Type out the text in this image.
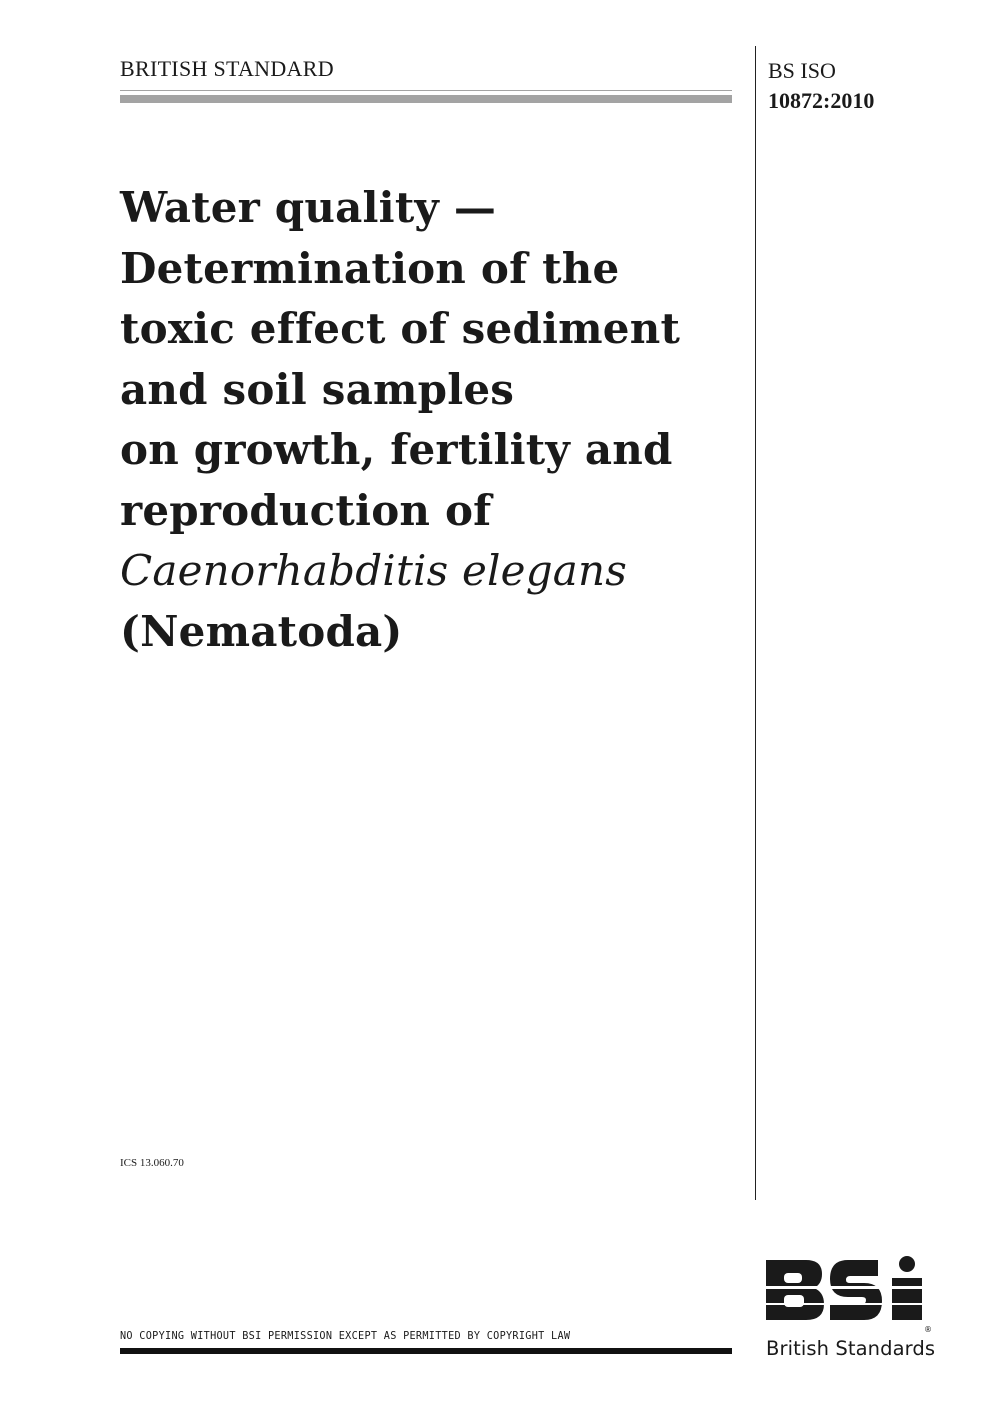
BRITISH STANDARD	BS ISO
10872:2010
Water quality —
Determination of the
toxic effect of sediment
and soil samples
on growth, fertility and
reproduction of
Caenorhabditis elegans
(Nematoda)
ICS 13.060.70
NO COPYING WITHOUT BSI PERMISSION EXCEPT AS PERMITTED BY COPYRIGHT LAW
®
British Standards
